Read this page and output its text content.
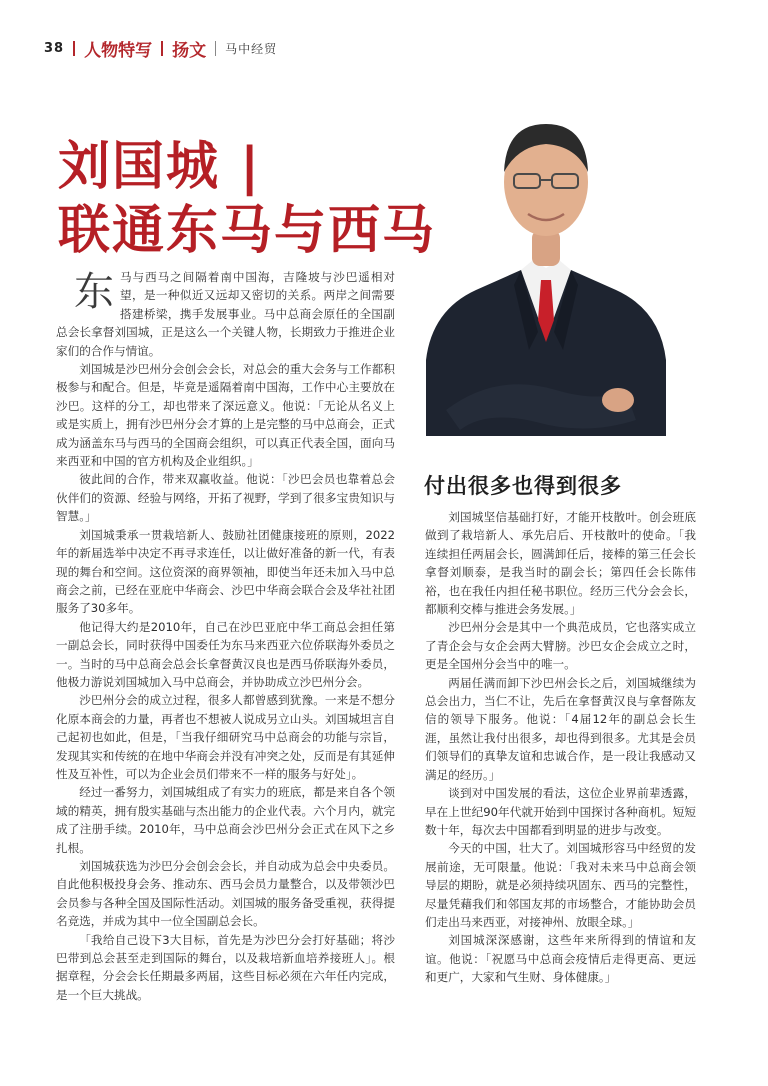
38 人物特写 扬文 马中经贸
刘国城 |
联通东马与西马
东 马与西马之间隔着南中国海，吉隆坡与沙巴遥相对望，是一种似近又远却又密切的关系。两岸之间需要搭建桥梁，携手发展事业。马中总商会原任的全国副总会长拿督刘国城，正是这么一个关键人物，长期致力于推进企业家们的合作与情谊。

刘国城是沙巴州分会创会会长，对总会的重大会务与工作都积极参与和配合。但是，毕竟是遥隔着南中国海，工作中心主要放在沙巴。这样的分工，却也带来了深远意义。他说：「无论从名义上或是实质上，拥有沙巴州分会才算的上是完整的马中总商会，正式成为涵盖东马与西马的全国商会组织，可以真正代表全国，面向马来西亚和中国的官方机构及企业组织。」

彼此间的合作，带来双赢收益。他说：「沙巴会员也靠着总会伙伴们的资源、经验与网络，开拓了视野，学到了很多宝贵知识与智慧。」

刘国城秉承一贯栽培新人、鼓励社团健康接班的原则，2022年的新届选举中决定不再寻求连任，以让做好准备的新一代，有表现的舞台和空间。这位资深的商界领袖，即使当年还未加入马中总商会之前，已经在亚庇中华商会、沙巴中华商会联合会及华社社团服务了30多年。

他记得大约是2010年，自己在沙巴亚庇中华工商总会担任第一副总会长，同时获得中国委任为东马来西亚六位侨联海外委员之一。当时的马中总商会总会长拿督黄汉良也是西马侨联海外委员，他极力游说刘国城加入马中总商会，并协助成立沙巴州分会。

沙巴州分会的成立过程，很多人都曾感到犹豫。一来是不想分化原本商会的力量，再者也不想被人说成另立山头。刘国城坦言自己起初也如此，但是，「当我仔细研究马中总商会的功能与宗旨，发现其实和传统的在地中华商会并没有冲突之处，反而是有其延伸性及互补性，可以为企业会员们带来不一样的服务与好处」。

经过一番努力，刘国城组成了有实力的班底，都是来自各个领域的精英，拥有殷实基础与杰出能力的企业代表。六个月内，就完成了注册手续。2010年，马中总商会沙巴州分会正式在风下之乡扎根。

刘国城获选为沙巴分会创会会长，并自动成为总会中央委员。自此他积极投身会务、推动东、西马会员力量整合，以及带领沙巴会员参与各种全国及国际性活动。刘国城的服务备受重视，获得提名竞选，并成为其中一位全国副总会长。

「我给自己设下3大目标，首先是为沙巴分会打好基础；将沙巴带到总会甚至走到国际的舞台，以及栽培新血培养接班人」。根据章程，分会会长任期最多两届，这些目标必须在六年任内完成，是一个巨大挑战。

付出很多也得到很多

刘国城坚信基础打好，才能开枝散叶。创会班底做到了栽培新人、承先启后、开枝散叶的使命。「我连续担任两届会长，圆满卸任后，接棒的第三任会长拿督刘顺泰，是我当时的副会长；第四任会长陈伟裕，也在我任内担任秘书职位。经历三代分会会长，都顺利交棒与推进会务发展。」

沙巴州分会是其中一个典范成员，它也落实成立了青企会与女企会两大臂膀。沙巴女企会成立之时，更是全国州分会当中的唯一。

两届任满而卸下沙巴州会长之后，刘国城继续为总会出力，当仁不让，先后在拿督黄汉良与拿督陈友信的领导下服务。他说：「4届12年的副总会长生涯，虽然让我付出很多，却也得到很多。尤其是会员们领导们的真挚友谊和忠诚合作，是一段让我感动又满足的经历。」

谈到对中国发展的看法，这位企业界前辈透露，早在上世纪90年代就开始到中国探讨各种商机。短短数十年，每次去中国都看到明显的进步与改变。

今天的中国，壮大了。刘国城形容马中经贸的发展前途，无可限量。他说：「我对未来马中总商会领导层的期盼，就是必须持续巩固东、西马的完整性，尽量凭藉我们和邻国友邦的市场整合，才能协助会员们走出马来西亚，对接神州、放眼全球。」

刘国城深深感谢，这些年来所得到的情谊和友谊。他说：「祝愿马中总商会疫情后走得更高、更远和更广，大家和气生财、身体健康。」
